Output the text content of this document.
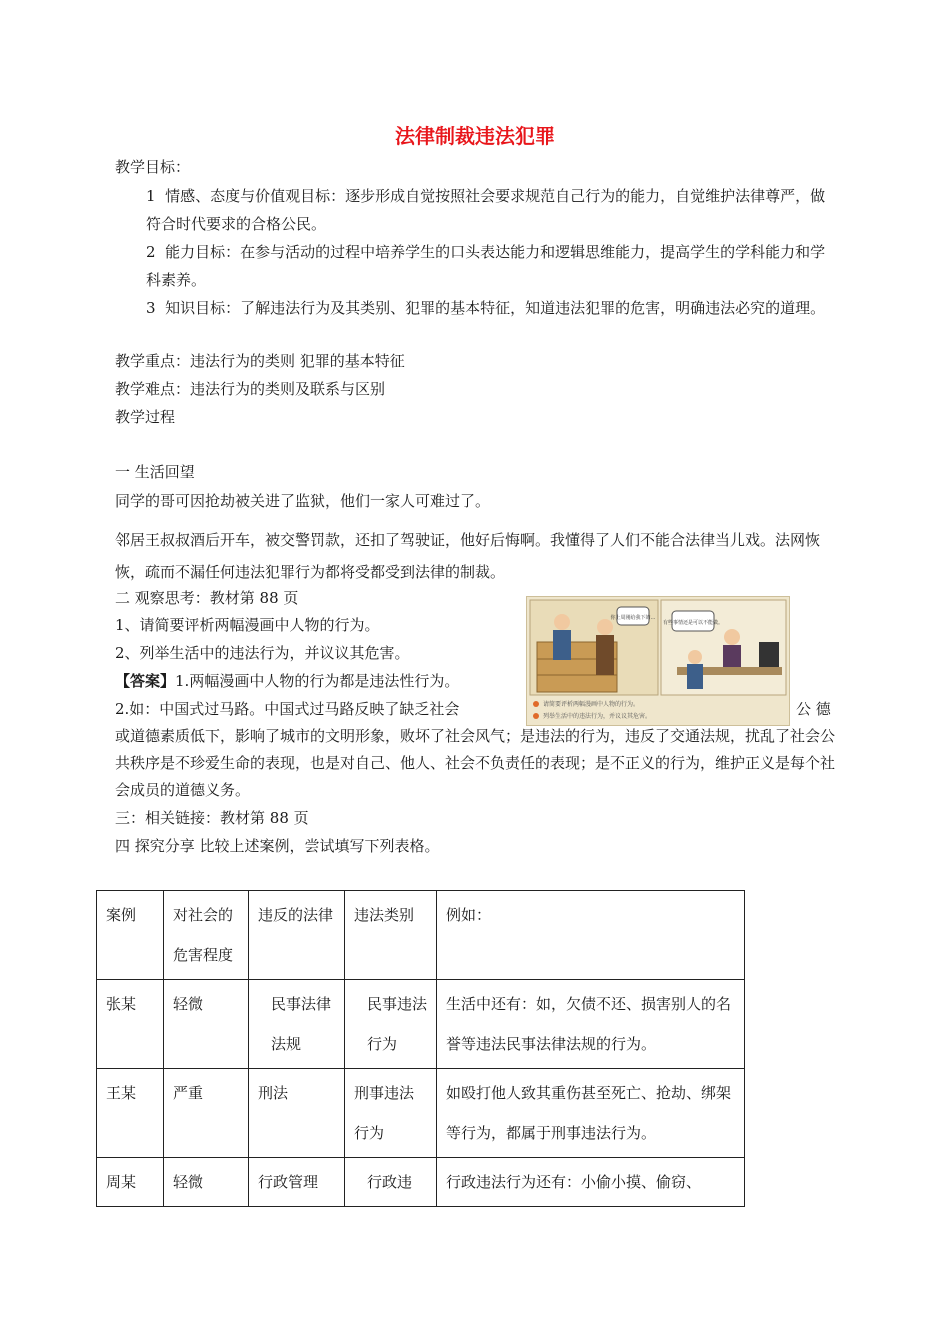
法律制裁违法犯罪
教学目标：
1 情感、态度与价值观目标：逐步形成自觉按照社会要求规范自己行为的能力，自觉维护法律尊严，做符合时代要求的合格公民。
2 能力目标：在参与活动的过程中培养学生的口头表达能力和逻辑思维能力，提高学生的学科能力和学科素养。
3 知识目标：了解违法行为及其类别、犯罪的基本特征，知道违法犯罪的危害，明确违法必究的道理。
教学重点：违法行为的类则 犯罪的基本特征
教学难点：违法行为的类则及联系与区别
教学过程
一 生活回望
同学的哥可因抢劫被关进了监狱，他们一家人可难过了。
邻居王叔叔酒后开车，被交警罚款，还扣了驾驶证，他好后悔啊。我懂得了人们不能合法律当儿戏。法网恢恢，疏而不漏任何违法犯罪行为都将受都受到法律的制裁。
二 观察思考：教材第 88 页
1、请简要评析两幅漫画中人物的行为。
2、列举生活中的违法行为，并议议其危害。
【答案】1.两幅漫画中人物的行为都是违法性行为。
你上周刚给我下的…
有些事情还是可以不能做。
请简要评析两幅漫画中人物的行为。
列举生活中的违法行为，并议议其危害。
2.如：中国式过马路。中国式过马路反映了缺乏社会	公 德
或道德素质低下，影响了城市的文明形象，败坏了社会风气；是违法的行为，违反了交通法规，扰乱了社会公共秩序是不珍爱生命的表现，也是对自己、他人、社会不负责任的表现；是不正义的行为，维护正义是每个社会成员的道德义务。
三：相关链接：教材第 88 页
四 探究分享 比较上述案例，尝试填写下列表格。
案例	对社会的危害程度	违反的法律	违法类别	例如：
张某	轻微	民事法律法规	民事违法行为	生活中还有：如，欠债不还、损害别人的名誉等违法民事法律法规的行为。
王某	严重	刑法	刑事违法行为	如殴打他人致其重伤甚至死亡、抢劫、绑架等行为，都属于刑事违法行为。
周某	轻微	行政管理	行政违	行政违法行为还有：小偷小摸、偷窃、
